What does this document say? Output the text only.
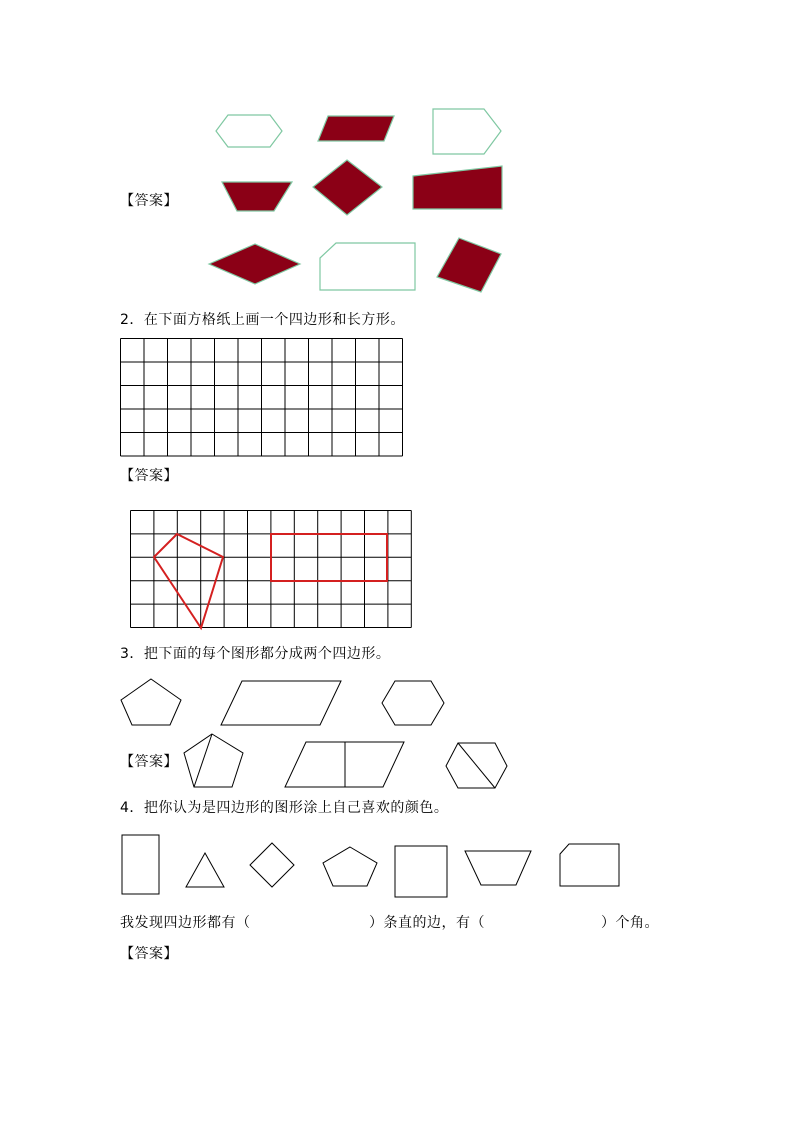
【答案】
2．在下面方格纸上画一个四边形和长方形。
【答案】
3．把下面的每个图形都分成两个四边形。
【答案】
4．把你认为是四边形的图形涂上自己喜欢的颜色。
我发现四边形都有（	）条直的边，有（	）个角。
【答案】
